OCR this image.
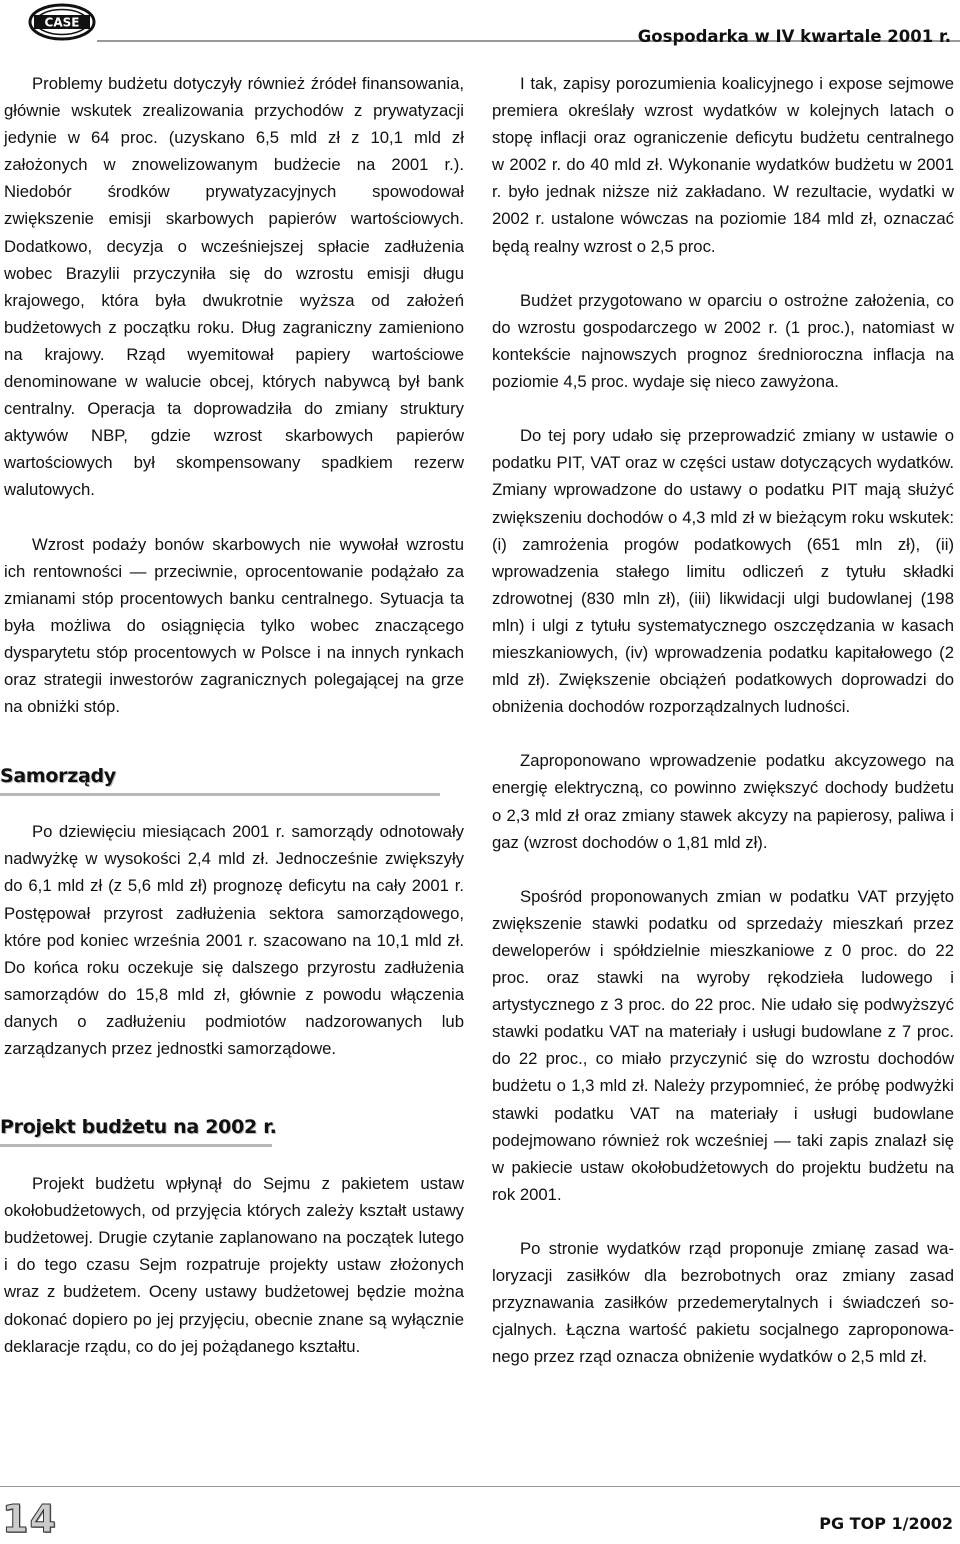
CASE
Gospodarka w IV kwartale 2001 r.

Problemy budżetu dotyczyły również źródeł finansowania, głównie wskutek zrealizowania przychodów z prywatyzacji jedynie w 64 proc. (uzyskano 6,5 mld zł z 10,1 mld zł założonych w znowelizowanym budżecie na 2001 r.). Niedobór środków prywatyzacyjnych spowodował zwiększenie emisji skarbowych papierów wartościowych. Dodatkowo, decyzja o wcześniejszej spłacie zadłużenia wobec Brazylii przyczyniła się do wzrostu emisji długu krajowego, która była dwukrotnie wyższa od założeń budżetowych z początku roku. Dług zagraniczny zamieniono na krajowy. Rząd wyemitował papiery wartościowe denominowane w walucie obcej, których nabywcą był bank centralny. Operacja ta doprowadziła do zmiany struktury aktywów NBP, gdzie wzrost skarbowych papierów wartościowych był skompensowany spadkiem rezerw walutowych.

Wzrost podaży bonów skarbowych nie wywołał wzrostu ich rentowności — przeciwnie, oprocentowanie podążało za zmianami stóp procentowych banku centralnego. Sytuacja ta była możliwa do osiągnięcia tylko wobec znaczącego dysparytetu stóp procentowych w Polsce i na innych rynkach oraz strategii inwestorów zagranicznych polegającej na grze na obniżki stóp.

Samorządy

Po dziewięciu miesiącach 2001 r. samorządy odnotowały nadwyżkę w wysokości 2,4 mld zł. Jednocześnie zwiększyły do 6,1 mld zł (z 5,6 mld zł) prognozę deficytu na cały 2001 r. Postępował przyrost zadłużenia sektora samorządowego, które pod koniec września 2001 r. szacowano na 10,1 mld zł. Do końca roku oczekuje się dalszego przyrostu zadłużenia samorządów do 15,8 mld zł, głównie z powodu włączenia danych o zadłużeniu podmiotów nadzorowanych lub zarządzanych przez jednostki samorządowe.

Projekt budżetu na 2002 r.

Projekt budżetu wpłynął do Sejmu z pakietem ustaw okołobudżetowych, od przyjęcia których zależy kształt ustawy budżetowej. Drugie czytanie zaplanowano na początek lutego i do tego czasu Sejm rozpatruje projekty ustaw złożonych wraz z budżetem. Oceny ustawy budżetowej będzie można dokonać dopiero po jej przyjęciu, obecnie znane są wyłącznie deklaracje rządu, co do jej pożądanego kształtu.

I tak, zapisy porozumienia koalicyjnego i expose sejmowe premiera określały wzrost wydatków w kolejnych latach o stopę inflacji oraz ograniczenie deficytu budżetu centralnego w 2002 r. do 40 mld zł. Wykonanie wydatków budżetu w 2001 r. było jednak niższe niż zakładano. W rezultacie, wydatki w 2002 r. ustalone wówczas na poziomie 184 mld zł, oznaczać będą realny wzrost o 2,5 proc.

Budżet przygotowano w oparciu o ostrożne założenia, co do wzrostu gospodarczego w 2002 r. (1 proc.), natomiast w kontekście najnowszych prognoz średnioroczna inflacja na poziomie 4,5 proc. wydaje się nieco zawyżona.

Do tej pory udało się przeprowadzić zmiany w ustawie o podatku PIT, VAT oraz w części ustaw dotyczących wydatków. Zmiany wprowadzone do ustawy o podatku PIT mają służyć zwiększeniu dochodów o 4,3 mld zł w bieżącym roku wskutek: (i) zamrożenia progów podatkowych (651 mln zł), (ii) wprowadzenia stałego limitu odliczeń z tytułu składki zdrowotnej (830 mln zł), (iii) likwidacji ulgi budowlanej (198 mln) i ulgi z tytułu systematycznego oszczędzania w kasach mieszkaniowych, (iv) wprowadzenia podatku kapitałowego (2 mld zł). Zwiększenie obciążeń podatkowych doprowadzi do obniżenia dochodów rozporządzalnych ludności.

Zaproponowano wprowadzenie podatku akcyzowego na energię elektryczną, co powinno zwiększyć dochody budżetu o 2,3 mld zł oraz zmiany stawek akcyzy na papierosy, paliwa i gaz (wzrost dochodów o 1,81 mld zł).

Spośród proponowanych zmian w podatku VAT przyjęto zwiększenie stawki podatku od sprzedaży mieszkań przez deweloperów i spółdzielnie mieszkaniowe z 0 proc. do 22 proc. oraz stawki na wyroby rękodzieła ludowego i artystycznego z 3 proc. do 22 proc. Nie udało się podwyższyć stawki podatku VAT na materiały i usługi budowlane z 7 proc. do 22 proc., co miało przyczynić się do wzrostu dochodów budżetu o 1,3 mld zł. Należy przypomnieć, że próbę podwyżki stawki podatku VAT na materiały i usługi budowlane podejmowano również rok wcześniej — taki zapis znalazł się w pakiecie ustaw okołobudżetowych do projektu budżetu na rok 2001.

Po stronie wydatków rząd proponuje zmianę zasad waloryzacji zasiłków dla bezrobotnych oraz zmiany zasad przyznawania zasiłków przedemerytalnych i świadczeń socjalnych. Łączna wartość pakietu socjalnego zaproponowanego przez rząd oznacza obniżenie wydatków o 2,5 mld zł.

14	PG TOP 1/2002
